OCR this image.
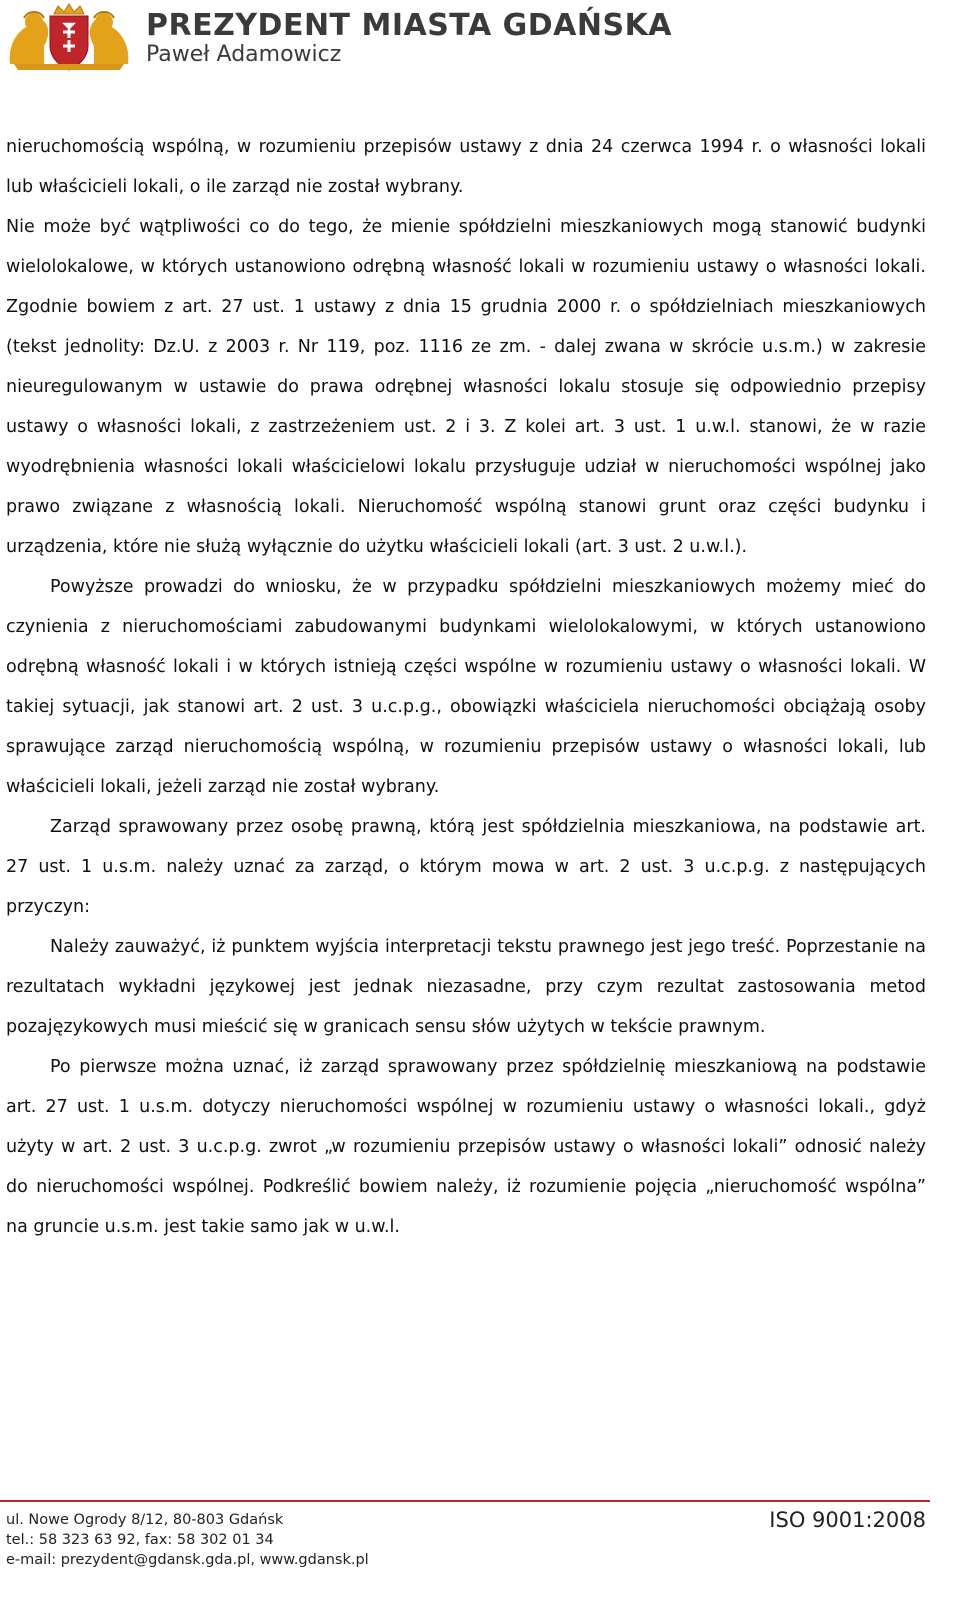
PREZYDENT MIASTA GDAŃSKA
Paweł Adamowicz

nieruchomością wspólną, w rozumieniu przepisów ustawy z dnia 24 czerwca 1994 r. o własności lokali lub właścicieli lokali, o ile zarząd nie został wybrany.

Nie może być wątpliwości co do tego, że mienie spółdzielni mieszkaniowych mogą stanowić budynki wielolokalowe, w których ustanowiono odrębną własność lokali w rozumieniu ustawy o własności lokali. Zgodnie bowiem z art. 27 ust. 1 ustawy z dnia 15 grudnia 2000 r. o spółdzielniach mieszkaniowych (tekst jednolity: Dz.U. z 2003 r. Nr 119, poz. 1116 ze zm. - dalej zwana w skrócie u.s.m.) w zakresie nieuregulowanym w ustawie do prawa odrębnej własności lokalu stosuje się odpowiednio przepisy ustawy o własności lokali, z zastrzeżeniem ust. 2 i 3. Z kolei art. 3 ust. 1 u.w.l. stanowi, że w razie wyodrębnienia własności lokali właścicielowi lokalu przysługuje udział w nieruchomości wspólnej jako prawo związane z własnością lokali. Nieruchomość wspólną stanowi grunt oraz części budynku i urządzenia, które nie służą wyłącznie do użytku właścicieli lokali (art. 3 ust. 2 u.w.l.).

Powyższe prowadzi do wniosku, że w przypadku spółdzielni mieszkaniowych możemy mieć do czynienia z nieruchomościami zabudowanymi budynkami wielolokalowymi, w których ustanowiono odrębną własność lokali i w których istnieją części wspólne w rozumieniu ustawy o własności lokali. W takiej sytuacji, jak stanowi art. 2 ust. 3 u.c.p.g., obowiązki właściciela nieruchomości obciążają osoby sprawujące zarząd nieruchomością wspólną, w rozumieniu przepisów ustawy o własności lokali, lub właścicieli lokali, jeżeli zarząd nie został wybrany.

Zarząd sprawowany przez osobę prawną, którą jest spółdzielnia mieszkaniowa, na podstawie art. 27 ust. 1 u.s.m. należy uznać za zarząd, o którym mowa w art. 2 ust. 3 u.c.p.g. z następujących przyczyn:

Należy zauważyć, iż punktem wyjścia interpretacji tekstu prawnego jest jego treść. Poprzestanie na rezultatach wykładni językowej jest jednak niezasadne, przy czym rezultat zastosowania metod pozajęzykowych musi mieścić się w granicach sensu słów użytych w tekście prawnym.

Po pierwsze można uznać, iż zarząd sprawowany przez spółdzielnię mieszkaniową na podstawie art. 27 ust. 1 u.s.m. dotyczy nieruchomości wspólnej w rozumieniu ustawy o własności lokali., gdyż użyty w art. 2 ust. 3 u.c.p.g. zwrot „w rozumieniu przepisów ustawy o własności lokali” odnosić należy do nieruchomości wspólnej. Podkreślić bowiem należy, iż rozumienie pojęcia „nieruchomość wspólna” na gruncie u.s.m. jest takie samo jak w u.w.l.

ul. Nowe Ogrody 8/12, 80-803 Gdańsk
tel.: 58 323 63 92, fax: 58 302 01 34
e-mail: prezydent@gdansk.gda.pl, www.gdansk.pl
ISO 9001:2008
